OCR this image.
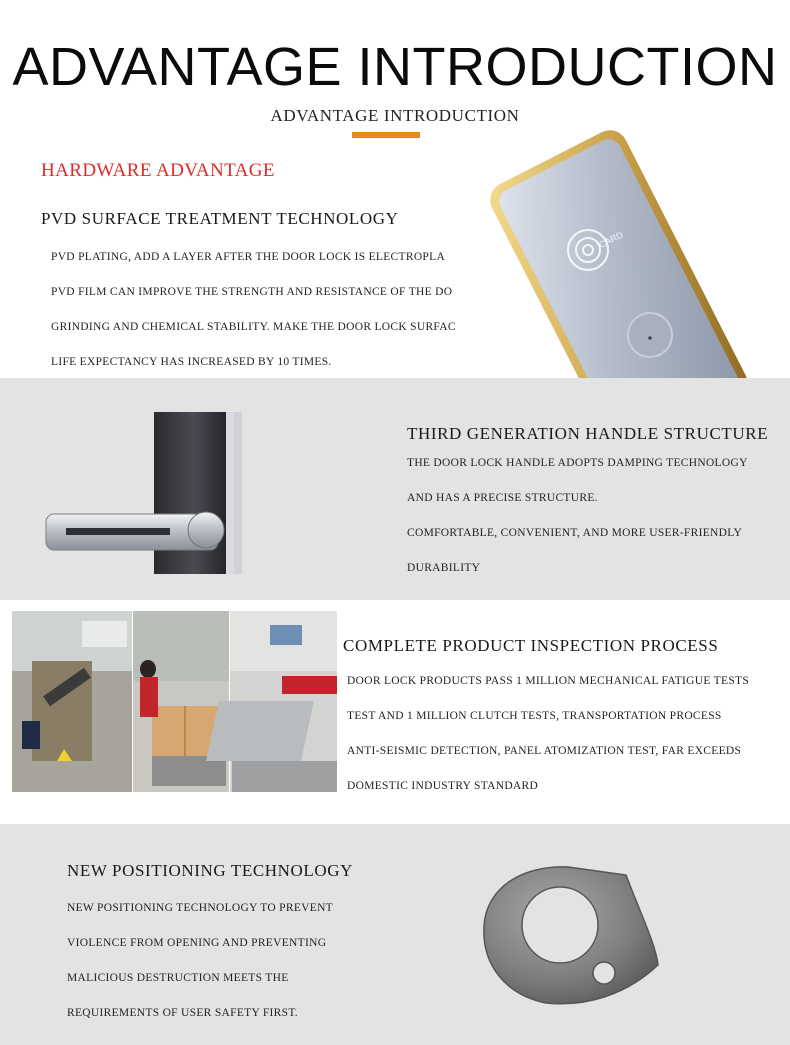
ADVANTAGE INTRODUCTION
ADVANTAGE INTRODUCTION
HARDWARE ADVANTAGE
PVD SURFACE TREATMENT TECHNOLOGY
PVD PLATING, ADD A LAYER AFTER THE DOOR LOCK IS ELECTROPLA
PVD FILM CAN IMPROVE THE STRENGTH AND RESISTANCE OF THE DO
GRINDING AND CHEMICAL STABILITY. MAKE THE DOOR LOCK SURFAC
LIFE EXPECTANCY HAS INCREASED BY 10 TIMES.
CARD
THIRD GENERATION HANDLE STRUCTURE
THE DOOR LOCK HANDLE ADOPTS DAMPING TECHNOLOGY
AND HAS A PRECISE STRUCTURE.
COMFORTABLE, CONVENIENT, AND MORE USER-FRIENDLY
DURABILITY
COMPLETE PRODUCT INSPECTION PROCESS
DOOR LOCK PRODUCTS PASS 1 MILLION MECHANICAL FATIGUE TESTS
TEST AND 1 MILLION CLUTCH TESTS, TRANSPORTATION PROCESS
ANTI-SEISMIC DETECTION, PANEL ATOMIZATION TEST, FAR EXCEEDS
DOMESTIC INDUSTRY STANDARD
NEW POSITIONING TECHNOLOGY
NEW POSITIONING TECHNOLOGY TO PREVENT
VIOLENCE FROM OPENING AND PREVENTING
MALICIOUS DESTRUCTION MEETS THE
REQUIREMENTS OF USER SAFETY FIRST.
